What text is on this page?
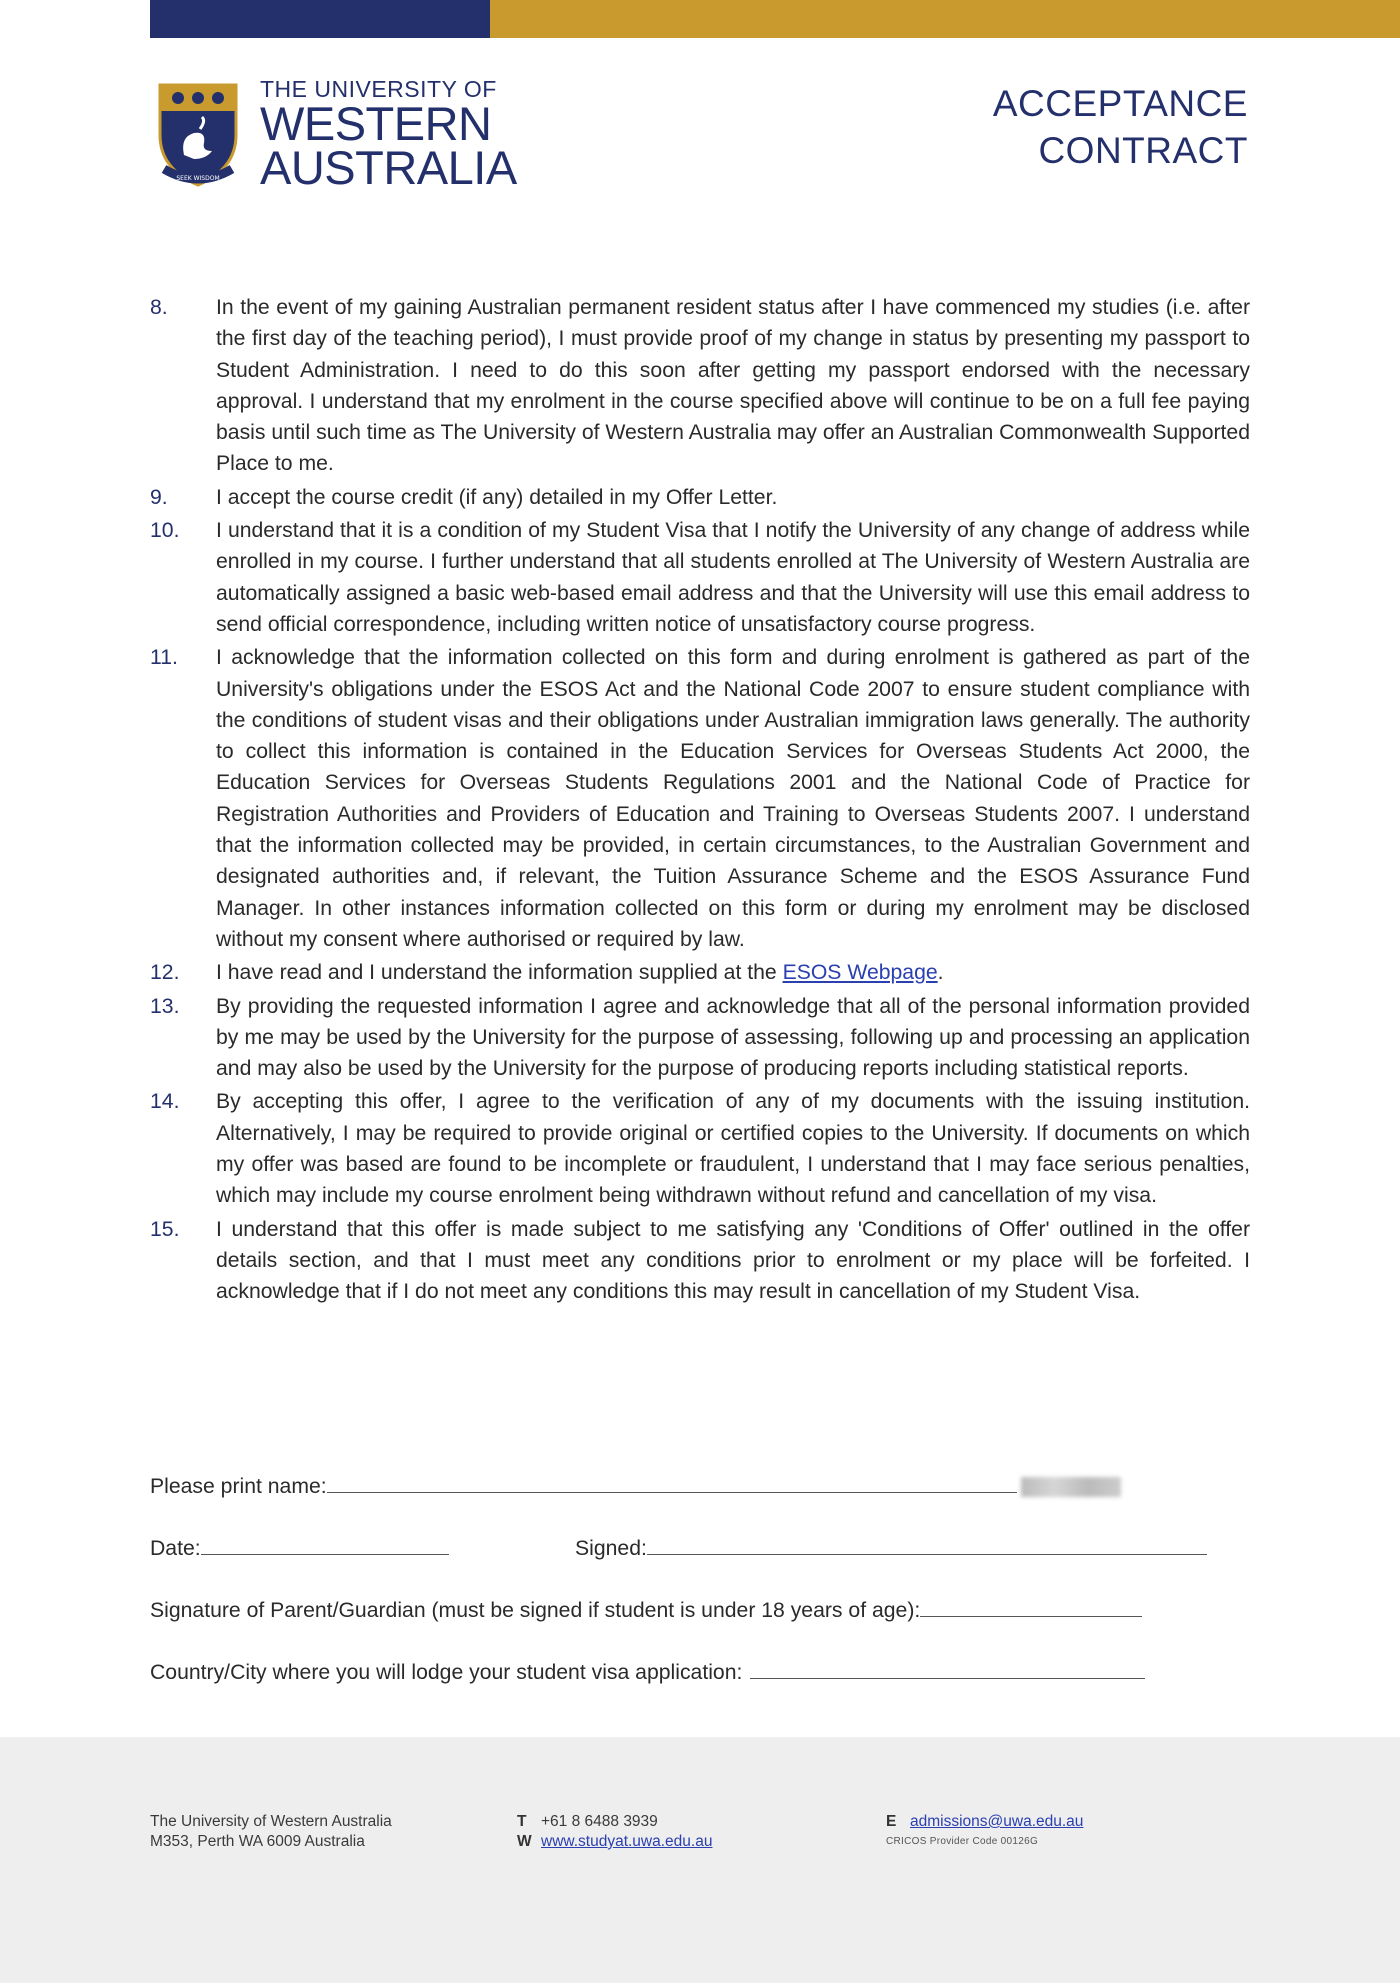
SEEK WISDOM
THE UNIVERSITY OF
WESTERN
AUSTRALIA
ACCEPTANCE
CONTRACT
8. In the event of my gaining Australian permanent resident status after I have commenced my studies (i.e. after the first day of the teaching period), I must provide proof of my change in status by presenting my passport to Student Administration. I need to do this soon after getting my passport endorsed with the necessary approval. I understand that my enrolment in the course specified above will continue to be on a full fee paying basis until such time as The University of Western Australia may offer an Australian Commonwealth Supported Place to me.
9. I accept the course credit (if any) detailed in my Offer Letter.
10. I understand that it is a condition of my Student Visa that I notify the University of any change of address while enrolled in my course. I further understand that all students enrolled at The University of Western Australia are automatically assigned a basic web-based email address and that the University will use this email address to send official correspondence, including written notice of unsatisfactory course progress.
11. I acknowledge that the information collected on this form and during enrolment is gathered as part of the University's obligations under the ESOS Act and the National Code 2007 to ensure student compliance with the conditions of student visas and their obligations under Australian immigration laws generally. The authority to collect this information is contained in the Education Services for Overseas Students Act 2000, the Education Services for Overseas Students Regulations 2001 and the National Code of Practice for Registration Authorities and Providers of Education and Training to Overseas Students 2007. I understand that the information collected may be provided, in certain circumstances, to the Australian Government and designated authorities and, if relevant, the Tuition Assurance Scheme and the ESOS Assurance Fund Manager. In other instances information collected on this form or during my enrolment may be disclosed without my consent where authorised or required by law.
12. I have read and I understand the information supplied at the ESOS Webpage.
13. By providing the requested information I agree and acknowledge that all of the personal information provided by me may be used by the University for the purpose of assessing, following up and processing an application and may also be used by the University for the purpose of producing reports including statistical reports.
14. By accepting this offer, I agree to the verification of any of my documents with the issuing institution. Alternatively, I may be required to provide original or certified copies to the University. If documents on which my offer was based are found to be incomplete or fraudulent, I understand that I may face serious penalties, which may include my course enrolment being withdrawn without refund and cancellation of my visa.
15. I understand that this offer is made subject to me satisfying any 'Conditions of Offer' outlined in the offer details section, and that I must meet any conditions prior to enrolment or my place will be forfeited. I acknowledge that if I do not meet any conditions this may result in cancellation of my Student Visa.
Please print name:
Date:	Signed:
Signature of Parent/Guardian (must be signed if student is under 18 years of age):
Country/City where you will lodge your student visa application:
The University of Western Australia
M353, Perth WA 6009 Australia
T +61 8 6488 3939
W www.studyat.uwa.edu.au
E admissions@uwa.edu.au
CRICOS Provider Code 00126G
